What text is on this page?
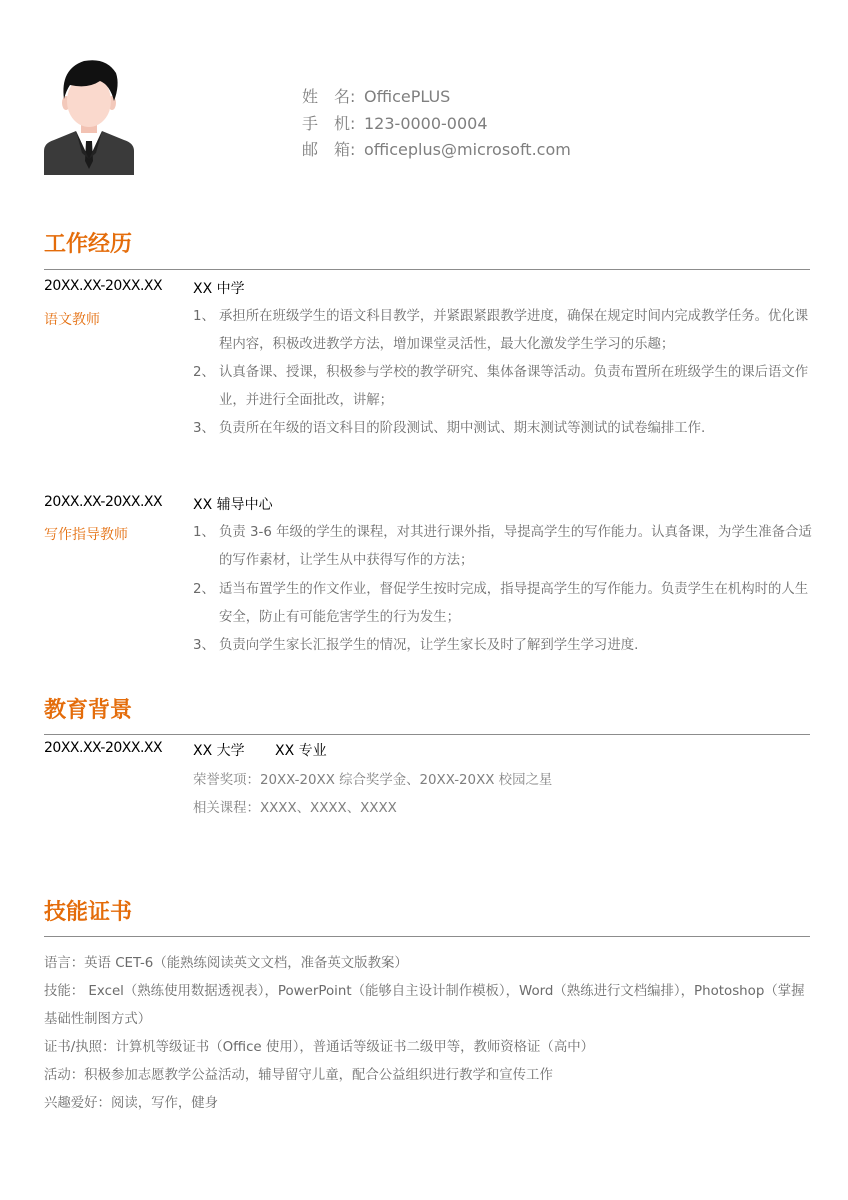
姓　名: OfficePLUS
手　机: 123-0000-0004
邮　箱: officeplus@microsoft.com
工作经历
20XX.XX-20XX.XX XX 中学
语文教师	1、 承担所在班级学生的语文科目教学，并紧跟紧跟教学进度，确保在规定时间内完成教学任务。优化课程内容，积极改进教学方法，增加课堂灵活性，最大化激发学生学习的乐趣；
2、 认真备课、授课，积极参与学校的教学研究、集体备课等活动。负责布置所在班级学生的课后语文作业，并进行全面批改，讲解；
3、 负责所在年级的语文科目的阶段测试、期中测试、期末测试等测试的试卷编排工作.
20XX.XX-20XX.XX XX 辅导中心
写作指导教师	1、 负责 3-6 年级的学生的课程，对其进行课外指，导提高学生的写作能力。认真备课，为学生准备合适的写作素材，让学生从中获得写作的方法；
2、 适当布置学生的作文作业，督促学生按时完成，指导提高学生的写作能力。负责学生在机构时的人生安全，防止有可能危害学生的行为发生；
3、 负责向学生家长汇报学生的情况，让学生家长及时了解到学生学习进度.
教育背景
20XX.XX-20XX.XX XX 大学 XX 专业
荣誉奖项：20XX-20XX 综合奖学金、20XX-20XX 校园之星
相关课程：XXXX、XXXX、XXXX
技能证书
语言：英语 CET-6（能熟练阅读英文文档，准备英文版教案）
技能： Excel（熟练使用数据透视表），PowerPoint（能够自主设计制作模板），Word（熟练进行文档编排），Photoshop（掌握基础性制图方式）
证书/执照：计算机等级证书（Office 使用），普通话等级证书二级甲等，教师资格证（高中）
活动：积极参加志愿教学公益活动，辅导留守儿童，配合公益组织进行教学和宣传工作
兴趣爱好：阅读，写作，健身
